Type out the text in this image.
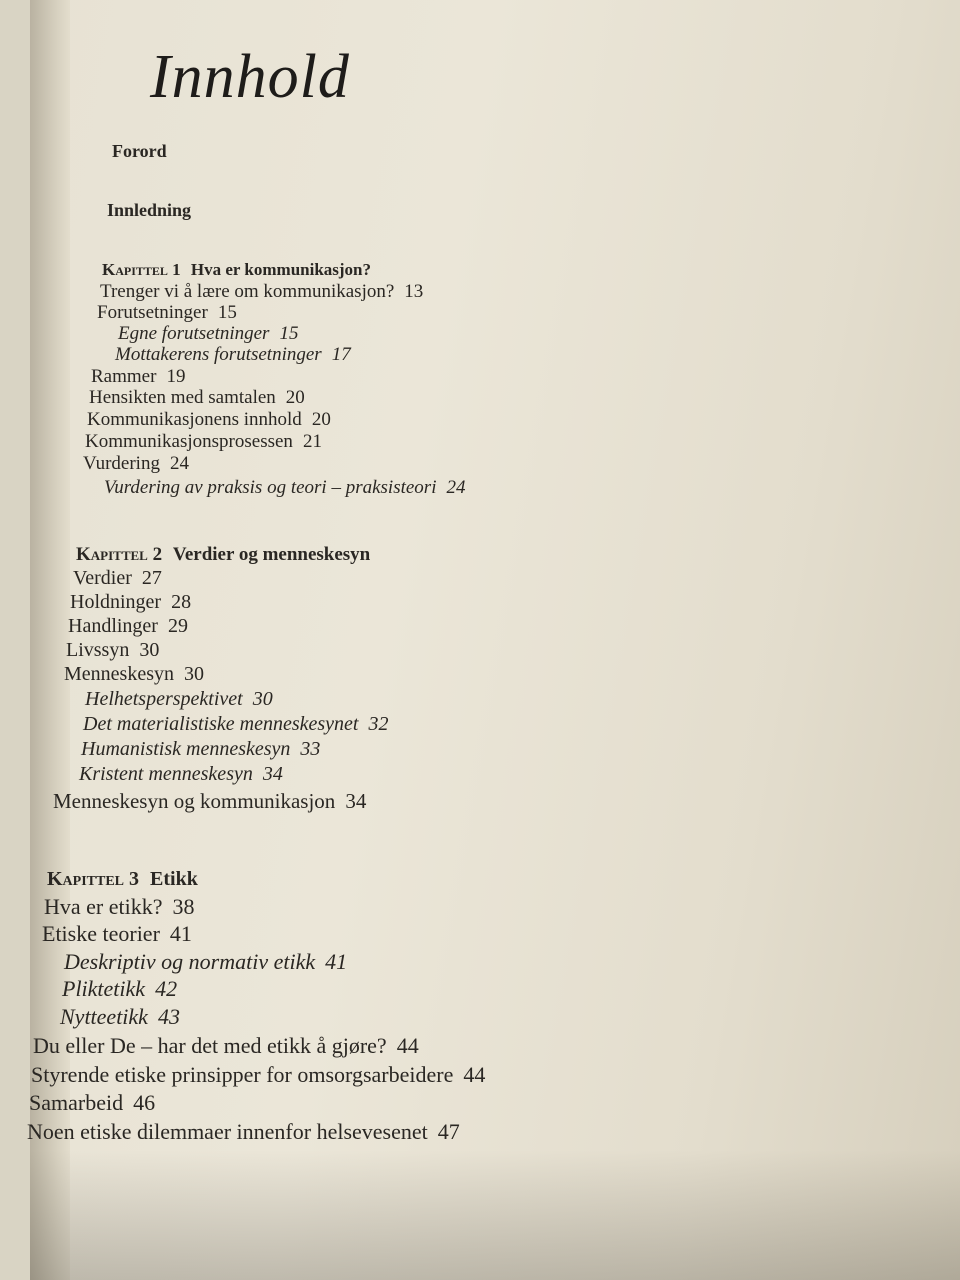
Innhold

Forord

Innledning

Kapittel 1 Hva er kommunikasjon?

Trenger vi å lære om kommunikasjon? 13

Forutsetninger 15

Egne forutsetninger 15

Mottakerens forutsetninger 17

Rammer 19

Hensikten med samtalen 20

Kommunikasjonens innhold 20

Kommunikasjonsprosessen 21

Vurdering 24

Vurdering av praksis og teori – praksisteori 24

Kapittel 2 Verdier og menneskesyn

Verdier 27

Holdninger 28

Handlinger 29

Livssyn 30

Menneskesyn 30

Helhetsperspektivet 30

Det materialistiske menneskesynet 32

Humanistisk menneskesyn 33

Kristent menneskesyn 34

Menneskesyn og kommunikasjon 34

Kapittel 3 Etikk

Hva er etikk? 38

Etiske teorier 41

Deskriptiv og normativ etikk 41

Pliktetikk 42

Nytteetikk 43

Du eller De – har det med etikk å gjøre? 44

Styrende etiske prinsipper for omsorgsarbeidere 44

Samarbeid 46

Noen etiske dilemmaer innenfor helsevesenet 47
